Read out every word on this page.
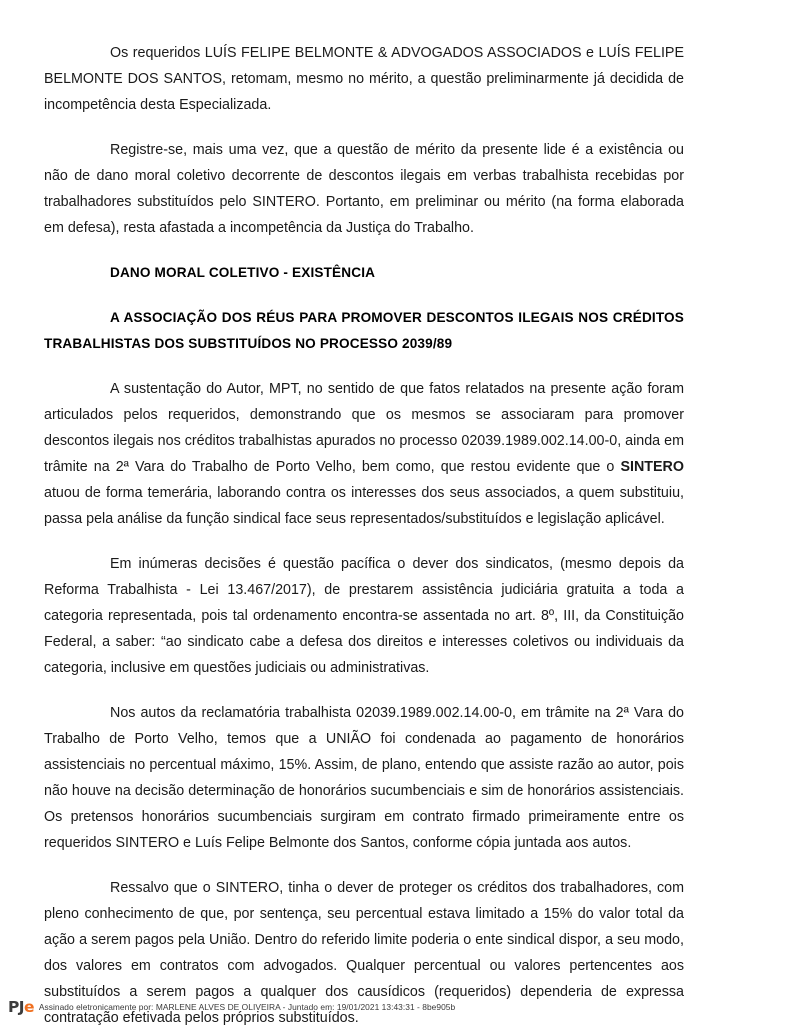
Os requeridos LUÍS FELIPE BELMONTE & ADVOGADOS ASSOCIADOS e LUÍS FELIPE BELMONTE DOS SANTOS, retomam, mesmo no mérito, a questão preliminarmente já decidida de incompetência desta Especializada.

Registre-se, mais uma vez, que a questão de mérito da presente lide é a existência ou não de dano moral coletivo decorrente de descontos ilegais em verbas trabalhista recebidas por trabalhadores substituídos pelo SINTERO. Portanto, em preliminar ou mérito (na forma elaborada em defesa), resta afastada a incompetência da Justiça do Trabalho.

DANO MORAL COLETIVO - EXISTÊNCIA

A ASSOCIAÇÃO DOS RÉUS PARA PROMOVER DESCONTOS ILEGAIS NOS CRÉDITOS TRABALHISTAS DOS SUBSTITUÍDOS NO PROCESSO 2039/89

A sustentação do Autor, MPT, no sentido de que fatos relatados na presente ação foram articulados pelos requeridos, demonstrando que os mesmos se associaram para promover descontos ilegais nos créditos trabalhistas apurados no processo 02039.1989.002.14.00-0, ainda em trâmite na 2ª Vara do Trabalho de Porto Velho, bem como, que restou evidente que o SINTERO atuou de forma temerária, laborando contra os interesses dos seus associados, a quem substituiu, passa pela análise da função sindical face seus representados/substituídos e legislação aplicável.

Em inúmeras decisões é questão pacífica o dever dos sindicatos, (mesmo depois da Reforma Trabalhista - Lei 13.467/2017), de prestarem assistência judiciária gratuita a toda a categoria representada, pois tal ordenamento encontra-se assentada no art. 8º, III, da Constituição Federal, a saber: “ao sindicato cabe a defesa dos direitos e interesses coletivos ou individuais da categoria, inclusive em questões judiciais ou administrativas.

Nos autos da reclamatória trabalhista 02039.1989.002.14.00-0, em trâmite na 2ª Vara do Trabalho de Porto Velho, temos que a UNIÃO foi condenada ao pagamento de honorários assistenciais no percentual máximo, 15%. Assim, de plano, entendo que assiste razão ao autor, pois não houve na decisão determinação de honorários sucumbenciais e sim de honorários assistenciais. Os pretensos honorários sucumbenciais surgiram em contrato firmado primeiramente entre os requeridos SINTERO e Luís Felipe Belmonte dos Santos, conforme cópia juntada aos autos.

Ressalvo que o SINTERO, tinha o dever de proteger os créditos dos trabalhadores, com pleno conhecimento de que, por sentença, seu percentual estava limitado a 15% do valor total da ação a serem pagos pela União. Dentro do referido limite poderia o ente sindical dispor, a seu modo, dos valores em contratos com advogados. Qualquer percentual ou valores pertencentes aos substituídos a serem pagos a qualquer dos causídicos (requeridos) dependeria de expressa contratação efetivada pelos próprios substituídos.

PJ e Assinado eletronicamente por: MARLENE ALVES DE OLIVEIRA - Juntado em: 19/01/2021 13:43:31 - 8be905b
